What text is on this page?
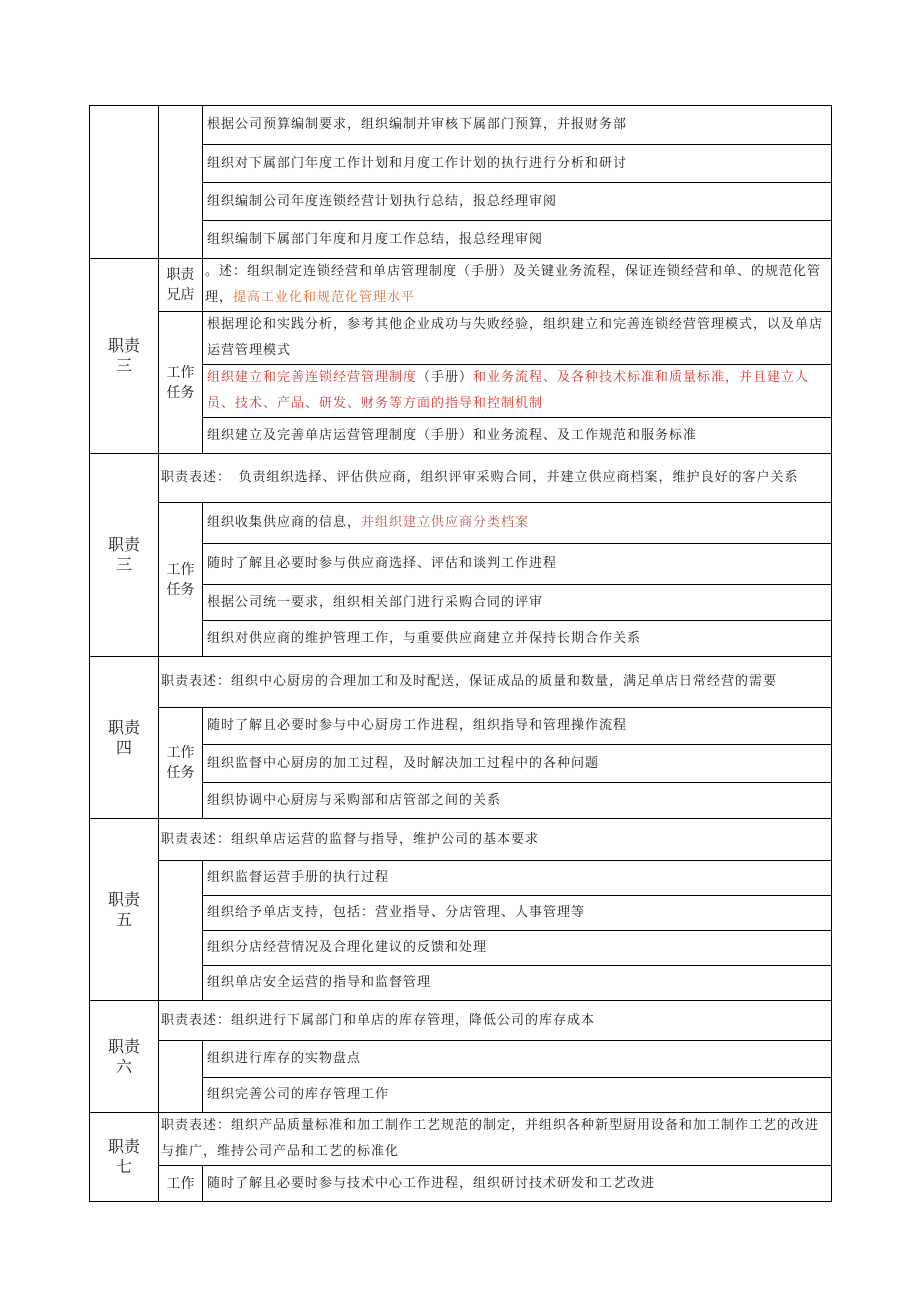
		根据公司预算编制要求，组织编制并审核下属部门预算，并报财务部
		组织对下属部门年度工作计划和月度工作计划的执行进行分析和研讨
		组织编制公司年度连锁经营计划执行总结，报总经理审阅
		组织编制下属部门年度和月度工作总结，报总经理审阅
职责三	职责兄店	。述：组织制定连锁经营和单店管理制度（手册）及关键业务流程，保证连锁经营和单、的规范化管理，提高工业化和规范化管理水平
	工作任务	根据理论和实践分析，参考其他企业成功与失败经验，组织建立和完善连锁经营管理模式，以及单店运营管理模式
		组织建立和完善连锁经营管理制度（手册）和业务流程、及各种技术标准和质量标准，并且建立人员、技术、产品、研发、财务等方面的指导和控制机制
		组织建立及完善单店运营管理制度（手册）和业务流程、及工作规范和服务标准
职责三	职责表述：　负责组织选择、评估供应商，组织评审采购合同，并建立供应商档案，维护良好的客户关系	
	工作任务	组织收集供应商的信息，并组织建立供应商分类档案
		随时了解且必要时参与供应商选择、评估和谈判工作进程
		根据公司统一要求，组织相关部门进行采购合同的评审
		组织对供应商的维护管理工作，与重要供应商建立并保持长期合作关系
职责四	职责表述：组织中心厨房的合理加工和及时配送，保证成品的质量和数量，满足单店日常经营的需要	
	工作任务	随时了解且必要时参与中心厨房工作进程，组织指导和管理操作流程
		组织监督中心厨房的加工过程，及时解决加工过程中的各种问题
		组织协调中心厨房与采购部和店管部之间的关系
职责五	职责表述：组织单店运营的监督与指导，维护公司的基本要求	
		组织监督运营手册的执行过程
		组织给予单店支持，包括：营业指导、分店管理、人事管理等
		组织分店经营情况及合理化建议的反馈和处理
		组织单店安全运营的指导和监督管理
职责六	职责表述：组织进行下属部门和单店的库存管理，降低公司的库存成本	
		组织进行库存的实物盘点
		组织完善公司的库存管理工作
职责七	职责表述：组织产品质量标准和加工制作工艺规范的制定，并组织各种新型厨用设备和加工制作工艺的改进与推广，维持公司产品和工艺的标准化	
	工作	随时了解且必要时参与技术中心工作进程，组织研讨技术研发和工艺改进
